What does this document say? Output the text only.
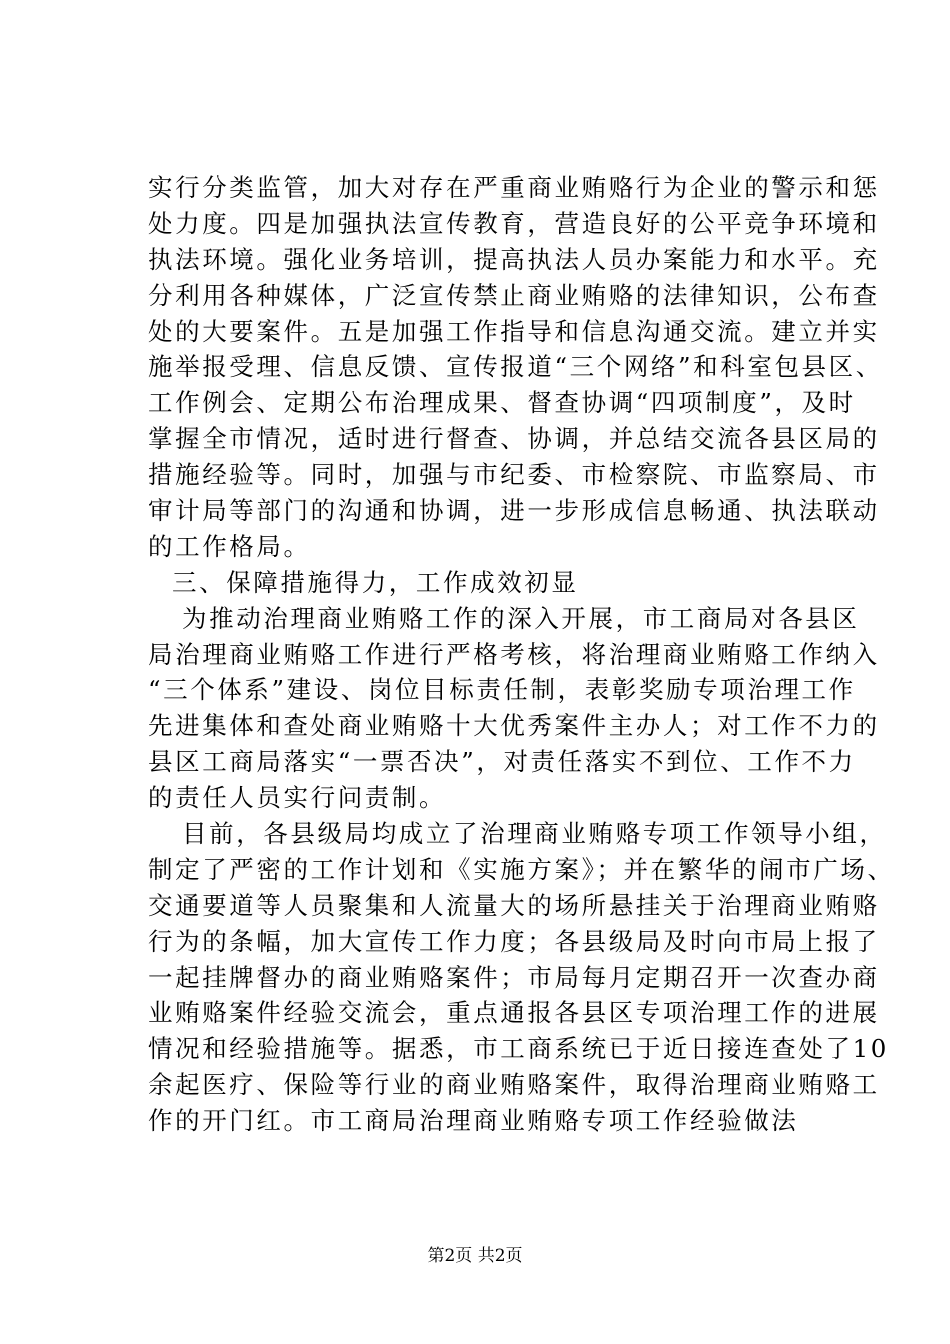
实行分类监管，加大对存在严重商业贿赂行为企业的警示和惩
处力度。四是加强执法宣传教育，营造良好的公平竞争环境和
执法环境。强化业务培训，提高执法人员办案能力和水平。充
分利用各种媒体，广泛宣传禁止商业贿赂的法律知识，公布查
处的大要案件。五是加强工作指导和信息沟通交流。建立并实
施举报受理、信息反馈、宣传报道“三个网络”和科室包县区、
工作例会、定期公布治理成果、督查协调“四项制度”，及时
掌握全市情况，适时进行督查、协调，并总结交流各县区局的
措施经验等。同时，加强与市纪委、市检察院、市监察局、市
审计局等部门的沟通和协调，进一步形成信息畅通、执法联动
的工作格局。
三、保障措施得力，工作成效初显
为推动治理商业贿赂工作的深入开展，市工商局对各县区
局治理商业贿赂工作进行严格考核，将治理商业贿赂工作纳入
“三个体系”建设、岗位目标责任制，表彰奖励专项治理工作
先进集体和查处商业贿赂十大优秀案件主办人；对工作不力的
县区工商局落实“一票否决”，对责任落实不到位、工作不力
的责任人员实行问责制。
目前，各县级局均成立了治理商业贿赂专项工作领导小组，
制定了严密的工作计划和《实施方案》；并在繁华的闹市广场、
交通要道等人员聚集和人流量大的场所悬挂关于治理商业贿赂
行为的条幅，加大宣传工作力度；各县级局及时向市局上报了
一起挂牌督办的商业贿赂案件；市局每月定期召开一次查办商
业贿赂案件经验交流会，重点通报各县区专项治理工作的进展
情况和经验措施等。据悉，市工商系统已于近日接连查处了10
余起医疗、保险等行业的商业贿赂案件，取得治理商业贿赂工
作的开门红。市工商局治理商业贿赂专项工作经验做法
第2页 共2页
